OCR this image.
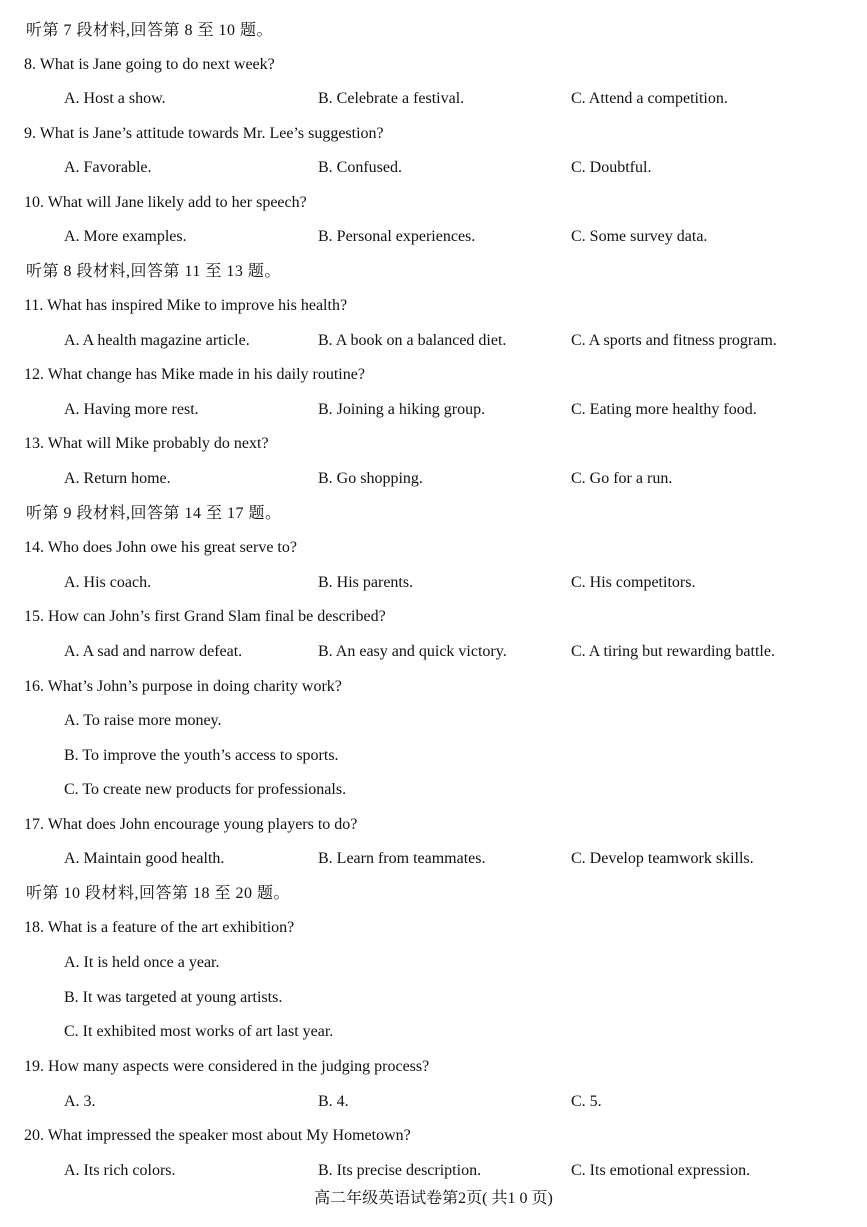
听第 7 段材料,回答第 8 至 10 题。
8. What is Jane going to do next week?
A. Host a show.	B. Celebrate a festival.	C. Attend a competition.
9. What is Jane’s attitude towards Mr. Lee’s suggestion?
A. Favorable.	B. Confused.	C. Doubtful.
10. What will Jane likely add to her speech?
A. More examples.	B. Personal experiences.	C. Some survey data.
听第 8 段材料,回答第 11 至 13 题。
11. What has inspired Mike to improve his health?
A. A health magazine article.	B. A book on a balanced diet.	C. A sports and fitness program.
12. What change has Mike made in his daily routine?
A. Having more rest.	B. Joining a hiking group.	C. Eating more healthy food.
13. What will Mike probably do next?
A. Return home.	B. Go shopping.	C. Go for a run.
听第 9 段材料,回答第 14 至 17 题。
14. Who does John owe his great serve to?
A. His coach.	B. His parents.	C. His competitors.
15. How can John’s first Grand Slam final be described?
A. A sad and narrow defeat.	B. An easy and quick victory.	C. A tiring but rewarding battle.
16. What’s John’s purpose in doing charity work?
A. To raise more money.
B. To improve the youth’s access to sports.
C. To create new products for professionals.
17. What does John encourage young players to do?
A. Maintain good health.	B. Learn from teammates.	C. Develop teamwork skills.
听第 10 段材料,回答第 18 至 20 题。
18. What is a feature of the art exhibition?
A. It is held once a year.
B. It was targeted at young artists.
C. It exhibited most works of art last year.
19. How many aspects were considered in the judging process?
A. 3.	B. 4.	C. 5.
20. What impressed the speaker most about My Hometown?
A. Its rich colors.	B. Its precise description.	C. Its emotional expression.
高二年级英语试卷第2页( 共1 0 页)
